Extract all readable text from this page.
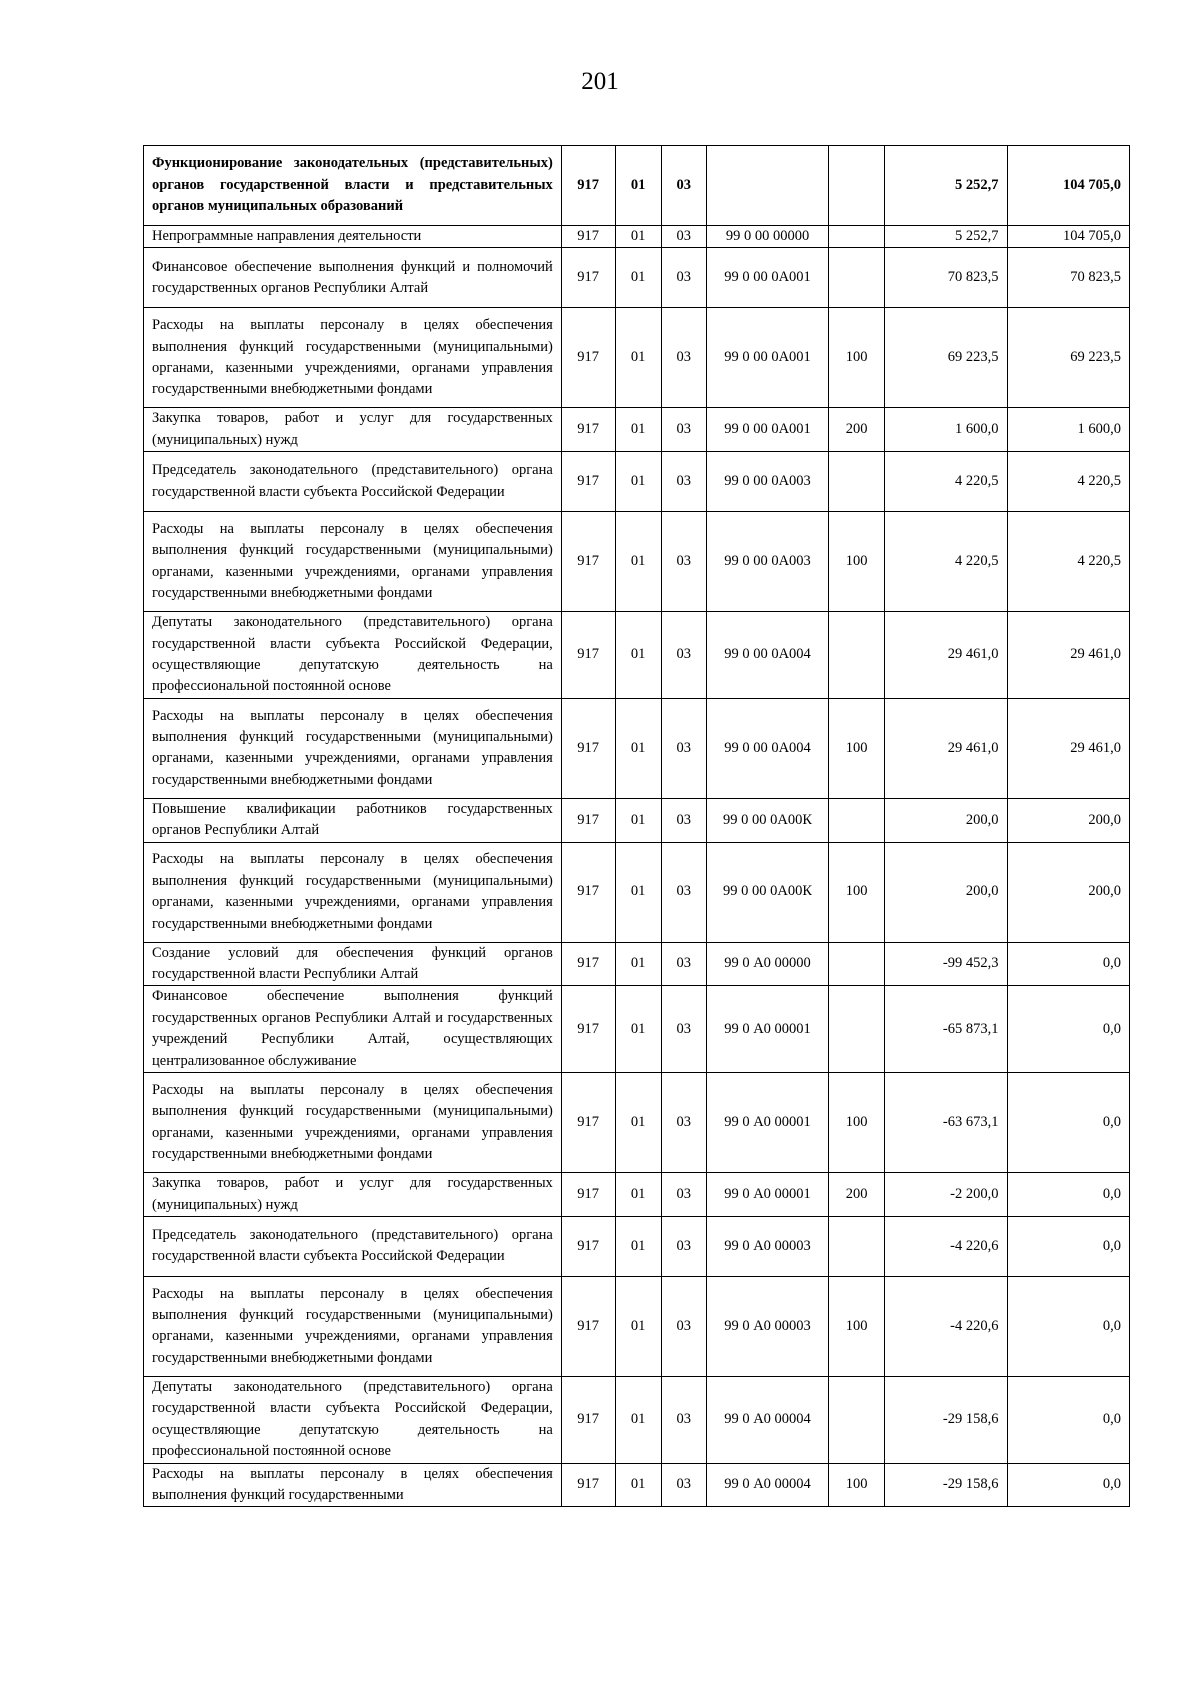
201
Функционирование законодательных (представительных) органов государственной власти и представительных органов муниципальных образований	917	01	03			5 252,7	104 705,0
Непрограммные направления деятельности	917	01	03	99 0 00 00000		5 252,7	104 705,0
Финансовое обеспечение выполнения функций и полномочий государственных органов Республики Алтай	917	01	03	99 0 00 0А001		70 823,5	70 823,5
Расходы на выплаты персоналу в целях обеспечения выполнения функций государственными (муниципальными) органами, казенными учреждениями, органами управления государственными внебюджетными фондами	917	01	03	99 0 00 0А001	100	69 223,5	69 223,5
Закупка товаров, работ и услуг для государственных (муниципальных) нужд	917	01	03	99 0 00 0А001	200	1 600,0	1 600,0
Председатель законодательного (представительного) органа государственной власти субъекта Российской Федерации	917	01	03	99 0 00 0А003		4 220,5	4 220,5
Расходы на выплаты персоналу в целях обеспечения выполнения функций государственными (муниципальными) органами, казенными учреждениями, органами управления государственными внебюджетными фондами	917	01	03	99 0 00 0А003	100	4 220,5	4 220,5
Депутаты законодательного (представительного) органа государственной власти субъекта Российской Федерации, осуществляющие депутатскую деятельность на профессиональной постоянной основе	917	01	03	99 0 00 0А004		29 461,0	29 461,0
Расходы на выплаты персоналу в целях обеспечения выполнения функций государственными (муниципальными) органами, казенными учреждениями, органами управления государственными внебюджетными фондами	917	01	03	99 0 00 0А004	100	29 461,0	29 461,0
Повышение квалификации работников государственных органов Республики Алтай	917	01	03	99 0 00 0А00К		200,0	200,0
Расходы на выплаты персоналу в целях обеспечения выполнения функций государственными (муниципальными) органами, казенными учреждениями, органами управления государственными внебюджетными фондами	917	01	03	99 0 00 0А00К	100	200,0	200,0
Создание условий для обеспечения функций органов государственной власти Республики Алтай	917	01	03	99 0 А0 00000		-99 452,3	0,0
Финансовое обеспечение выполнения функций государственных органов Республики Алтай и государственных учреждений Республики Алтай, осуществляющих централизованное обслуживание	917	01	03	99 0 А0 00001		-65 873,1	0,0
Расходы на выплаты персоналу в целях обеспечения выполнения функций государственными (муниципальными) органами, казенными учреждениями, органами управления государственными внебюджетными фондами	917	01	03	99 0 А0 00001	100	-63 673,1	0,0
Закупка товаров, работ и услуг для государственных (муниципальных) нужд	917	01	03	99 0 А0 00001	200	-2 200,0	0,0
Председатель законодательного (представительного) органа государственной власти субъекта Российской Федерации	917	01	03	99 0 А0 00003		-4 220,6	0,0
Расходы на выплаты персоналу в целях обеспечения выполнения функций государственными (муниципальными) органами, казенными учреждениями, органами управления государственными внебюджетными фондами	917	01	03	99 0 А0 00003	100	-4 220,6	0,0
Депутаты законодательного (представительного) органа государственной власти субъекта Российской Федерации, осуществляющие депутатскую деятельность на профессиональной постоянной основе	917	01	03	99 0 А0 00004		-29 158,6	0,0
Расходы на выплаты персоналу в целях обеспечения выполнения функций государственными	917	01	03	99 0 А0 00004	100	-29 158,6	0,0
